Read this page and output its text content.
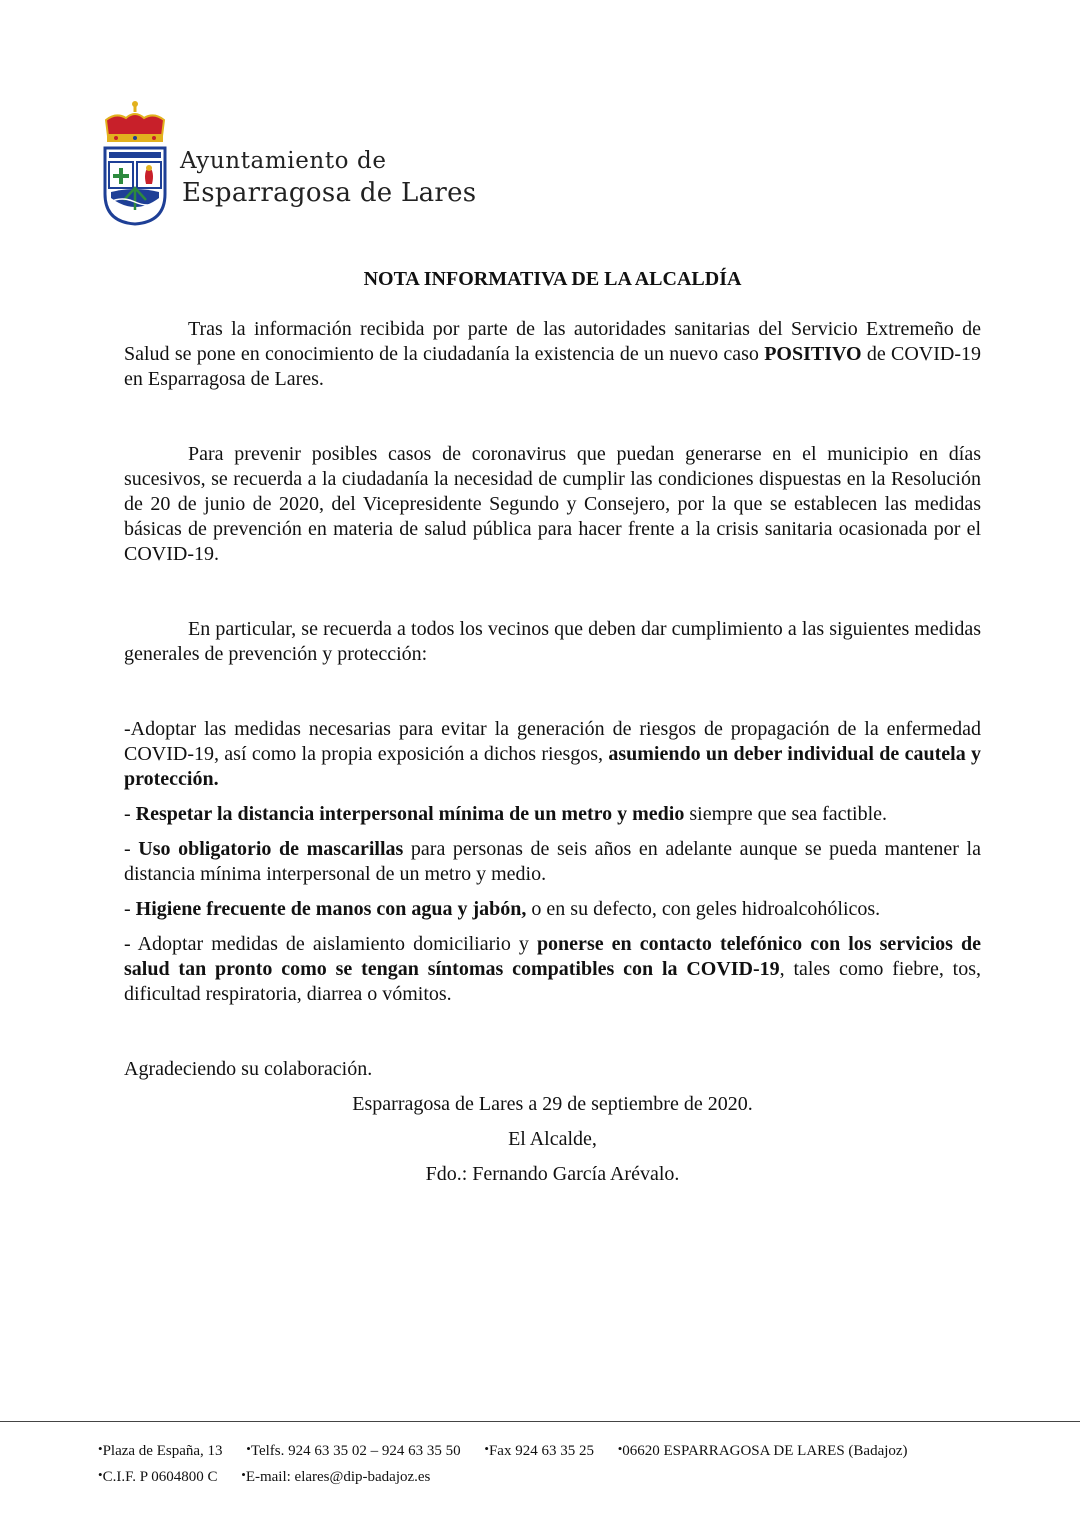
Ayuntamiento de
Esparragosa de Lares
NOTA INFORMATIVA DE LA ALCALDÍA

Tras la información recibida por parte de las autoridades sanitarias del Servicio Extremeño de Salud se pone en conocimiento de la ciudadanía la existencia de un nuevo caso POSITIVO de COVID-19 en Esparragosa de Lares.

Para prevenir posibles casos de coronavirus que puedan generarse en el municipio en días sucesivos, se recuerda a la ciudadanía la necesidad de cumplir las condiciones dispuestas en la Resolución de 20 de junio de 2020, del Vicepresidente Segundo y Consejero, por la que se establecen las medidas básicas de prevención en materia de salud pública para hacer frente a la crisis sanitaria ocasionada por el COVID-19.

En particular, se recuerda a todos los vecinos que deben dar cumplimiento a las siguientes medidas generales de prevención y protección:

-Adoptar las medidas necesarias para evitar la generación de riesgos de propagación de la enfermedad COVID-19, así como la propia exposición a dichos riesgos, asumiendo un deber individual de cautela y protección.

- Respetar la distancia interpersonal mínima de un metro y medio siempre que sea factible.

- Uso obligatorio de mascarillas para personas de seis años en adelante aunque se pueda mantener la distancia mínima interpersonal de un metro y medio.

- Higiene frecuente de manos con agua y jabón, o en su defecto, con geles hidroalcohólicos.

- Adoptar medidas de aislamiento domiciliario y ponerse en contacto telefónico con los servicios de salud tan pronto como se tengan síntomas compatibles con la COVID-19, tales como fiebre, tos, dificultad respiratoria, diarrea o vómitos.

Agradeciendo su colaboración.

Esparragosa de Lares a 29 de septiembre de 2020.

El Alcalde,

Fdo.: Fernando García Arévalo.

• Plaza de España, 13 • Telfs. 924 63 35 02 – 924 63 35 50 • Fax 924 63 35 25 • 06620 ESPARRAGOSA DE LARES (Badajoz)
• C.I.F. P 0604800 C • E-mail: elares@dip-badajoz.es
